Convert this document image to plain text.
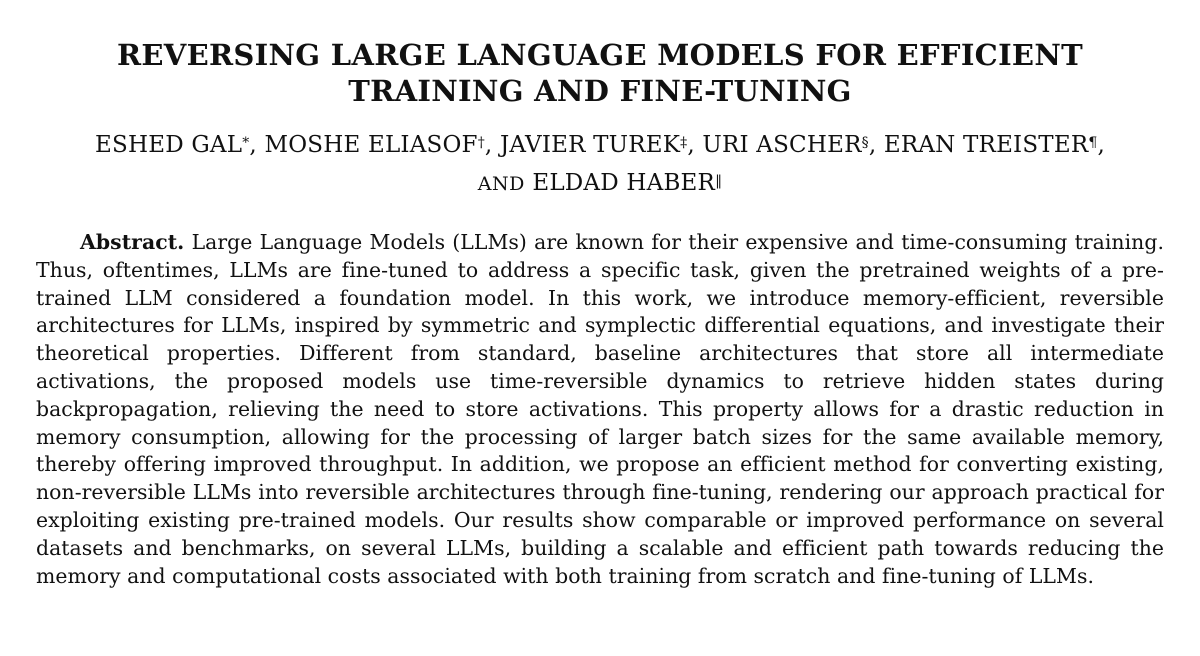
REVERSING LARGE LANGUAGE MODELS FOR EFFICIENT
TRAINING AND FINE-TUNING

ESHED GAL*, MOSHE ELIASOF†, JAVIER TUREK‡, URI ASCHER§, ERAN TREISTER¶,

AND ELDAD HABER‖

Abstract. Large Language Models (LLMs) are known for their expensive and time-consuming training. Thus, oftentimes, LLMs are fine-tuned to address a specific task, given the pretrained weights of a pre-trained LLM considered a foundation model. In this work, we introduce memory-efficient, reversible architectures for LLMs, inspired by symmetric and symplectic differential equations, and investigate their theoretical properties. Different from standard, baseline architectures that store all intermediate activations, the proposed models use time-reversible dynamics to retrieve hidden states during backpropagation, relieving the need to store activations. This property allows for a drastic reduction in memory consumption, allowing for the processing of larger batch sizes for the same available memory, thereby offering improved throughput. In addition, we propose an efficient method for converting existing, non-reversible LLMs into reversible architectures through fine-tuning, rendering our approach practical for exploiting existing pre-trained models. Our results show comparable or improved performance on several datasets and benchmarks, on several LLMs, building a scalable and efficient path towards reducing the memory and computational costs associated with both training from scratch and fine-tuning of LLMs.
